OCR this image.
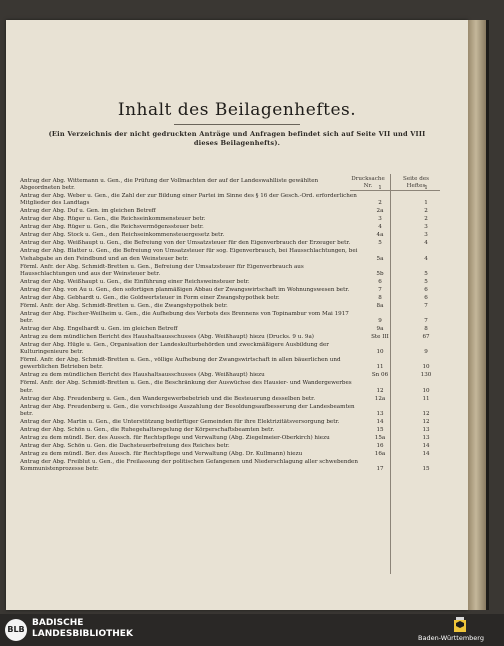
Inhalt des Beilagenheftes.
(Ein Verzeichnis der nicht gedruckten Anträge und Anfragen befindet sich auf Seite VII und VIII dieses Beilagenhefts).
Drucksache Nr.
Seite des Heftes
Antrag der Abg. Wittemann u. Gen., die Prüfung der Vollmachten der auf der Landeswahlliste gewählten Abgeordneten betr.	1	1
Antrag der Abg. Weber u. Gen., die Zahl der zur Bildung einer Partei im Sinne des § 16 der Gesch.-Ord. erforderlichen Mitglieder des Landtags	2	1
Antrag der Abg. Duf u. Gen. im gleichen Betreff	2a	2
Antrag der Abg. Rüger u. Gen., die Reichseinkommensteuer betr.	3	2
Antrag der Abg. Rüger u. Gen., die Reichsvermögenssteuer betr.	4	3
Antrag der Abg. Stock u. Gen., den Reichseinkommensteuergesetz betr.	4a	3
Antrag der Abg. Weißhaupt u. Gen., die Befreiung von der Umsatzsteuer für den Eigenverbrauch der Erzeuger betr.	5	4
Antrag der Abg. Blatter u. Gen., die Befreiung von Umsatzsteuer für sog. Eigenverbrauch, bei Hausschlachtungen, bei Viehabgabe an den Feindbund und an den Weinsteuer betr.	5a	4
Förml. Anfr. der Abg. Schmidt-Bretten u. Gen., Befreiung der Umsatzsteuer für Eigenverbrauch aus Hausschlachtungen und aus der Weinsteuer betr.	5b	5
Antrag der Abg. Weißhaupt u. Gen., die Einführung einer Reichsweinsteuer betr.	6	5
Antrag der Abg. von Au u. Gen., den sofortigen planmäßigen Abbau der Zwangswirtschaft im Wohnungswesen betr.	7	6
Antrag der Abg. Gebhardt u. Gen., die Goldwertsteuer in Form einer Zwangshypothek betr.	8	6
Förml. Anfr. der Abg. Schmidt-Bretten u. Gen., die Zwangshypothek betr.	8a	7
Antrag der Abg. Fischer-Weilheim u. Gen., die Aufhebung des Verbots des Brennens von Topinambur vom Mai 1917 betr.	9	7
Antrag der Abg. Engelhardt u. Gen. im gleichen Betreff	9a	8
Antrag zu dem mündlichen Bericht des Haushaltsausschusses (Abg. Weißhaupt) hiezu (Drucks. 9 u. 9a)	Ste III	67
Antrag der Abg. Hügle u. Gen., Organisation der Landeskulturbehörden und zweckmäßigere Ausbildung der Kulturingenieure betr.	10	9
Förml. Anfr. der Abg. Schmidt-Bretten u. Gen., völlige Aufhebung der Zwangswirtschaft in allen bäuerlichen und gewerblichen Betrieben betr.	11	10
Antrag zu dem mündlichen Bericht des Haushaltsausschusses (Abg. Weißhaupt) hiezu	Sn 06	130
Förml. Anfr. der Abg. Schmidt-Bretten u. Gen., die Beschränkung der Auswüchse des Hausier- und Wandergewerbes betr.	12	10
Antrag der Abg. Freudenberg u. Gen., den Wandergewerbebetrieb und die Besteuerung desselben betr.	12a	11
Antrag der Abg. Freudenberg u. Gen., die vorschüssige Auszahlung der Besoldungsaufbesserung der Landesbeamten betr.	13	12
Antrag der Abg. Martin u. Gen., die Unterstützung bedürftiger Gemeinden für ihre Elektrizitätsversorgung betr.	14	12
Antrag der Abg. Schön u. Gen., die Ruhegehaltsregelung der Körperschaftsbeamten betr.	15	13
Antrag zu dem mündl. Ber. des Aussch. für Rechtspflege und Verwaltung (Abg. Ziegelmeier-Oberkirch) hiezu	15a	13
Antrag der Abg. Schön u. Gen. die Dachsteuerbefreiung des Reiches betr.	16	14
Antrag zu dem mündl. Ber. des Aussch. für Rechtspflege und Verwaltung (Abg. Dr. Kullmann) hiezu	16a	14
Antrag der Abg. Freiblut u. Gen., die Freilassung der politischen Gefangenen und Niederschlagung aller schwebenden Kommunistenprozesse betr.	17	15
BLB
BADISCHE
LANDESBIBLIOTHEK	Baden-Württemberg
